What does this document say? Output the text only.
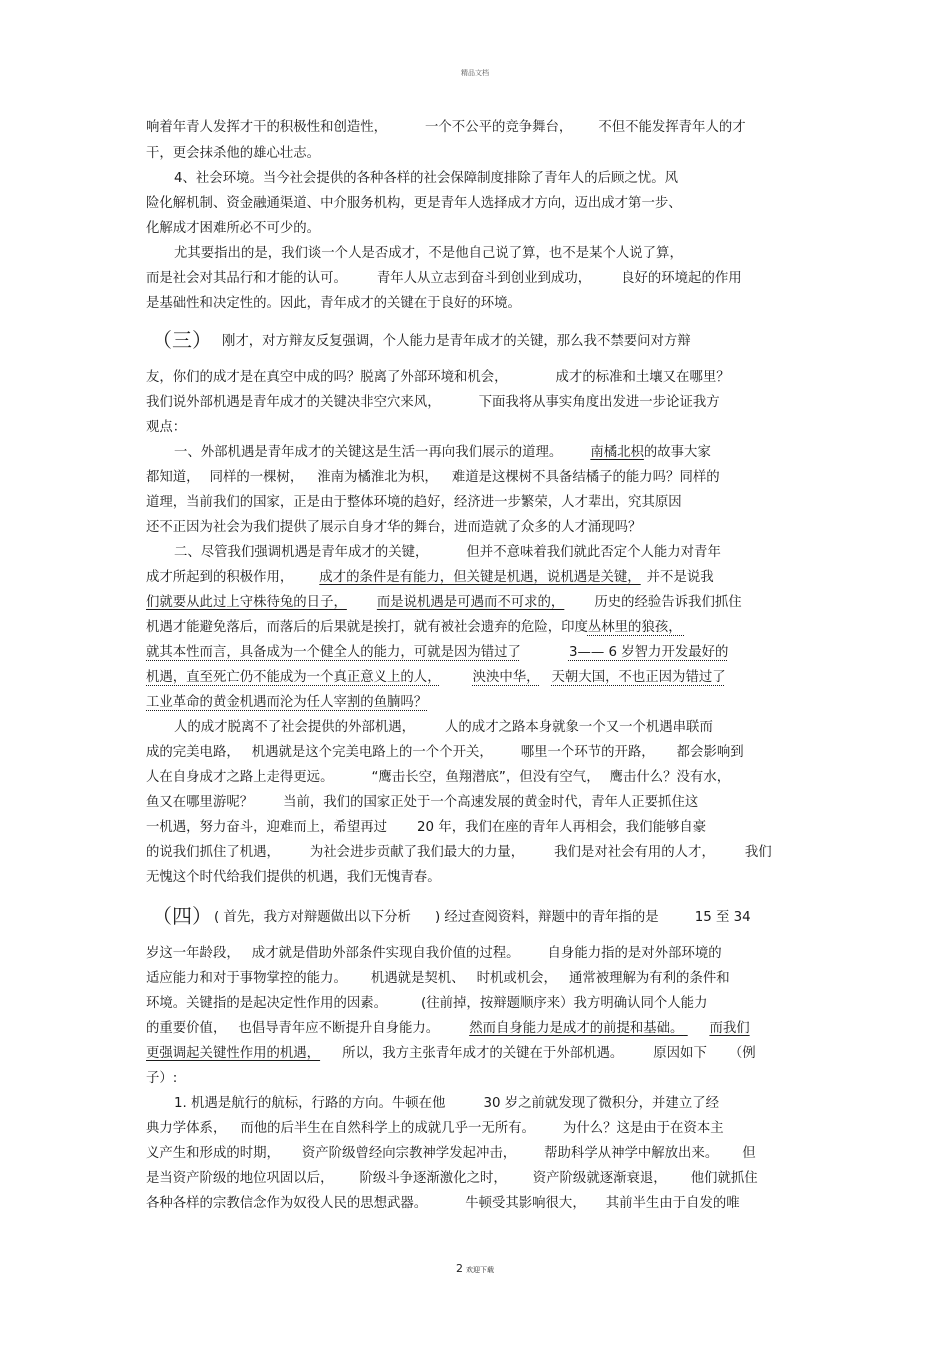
精品文档
响着年青人发挥才干的积极性和创造性，	一个不公平的竞争舞台， 不但不能发挥青年人的才
干，更会抹杀他的雄心壮志。
4、社会环境。当今社会提供的各种各样的社会保障制度排除了青年人的后顾之忧。风
险化解机制、资金融通渠道、中介服务机构，更是青年人选择成才方向，迈出成才第一步、
化解成才困难所必不可少的。
尤其要指出的是，我们谈一个人是否成才，不是他自己说了算，也不是某个人说了算，
而是社会对其品行和才能的认可。 青年人从立志到奋斗到创业到成功， 良好的环境起的作用
是基础性和决定性的。因此，青年成才的关键在于良好的环境。
（三） 刚才，对方辩友反复强调，个人能力是青年成才的关键，那么我不禁要问对方辩
友，你们的成才是在真空中成的吗？脱离了外部环境和机会，	成才的标准和土壤又在哪里？
我们说外部机遇是青年成才的关键决非空穴来风，	下面我将从事实角度出发进一步论证我方
观点：
一、外部机遇是青年成才的关键这是生活一再向我们展示的道理。 南橘北枳的故事大家
都知道， 同样的一棵树， 淮南为橘淮北为枳， 难道是这棵树不具备结橘子的能力吗？同样的
道理，当前我们的国家，正是由于整体环境的趋好，经济进一步繁荣，人才辈出，究其原因
还不正因为社会为我们提供了展示自身才华的舞台，进而造就了众多的人才涌现吗？
二、尽管我们强调机遇是青年成才的关键，	但并不意味着我们就此否定个人能力对青年
成才所起到的积极作用， 成才的条件是有能力，但关键是机遇，说机遇是关键， 并不是说我
们就要从此过上守株待兔的日子， 而是说机遇是可遇而不可求的， 历史的经验告诉我们抓住
机遇才能避免落后，而落后的后果就是挨打，就有被社会遗弃的危险，印度丛林里的狼孩，
就其本性而言，具备成为一个健全人的能力，可就是因为错过了	3—— 6 岁智力开发最好的
机遇，直至死亡仍不能成为一个真正意义上的人， 泱泱中华， 天朝大国，不也正因为错过了
工业革命的黄金机遇而沦为任人宰割的鱼腩吗？
人的成才脱离不了社会提供的外部机遇， 人的成才之路本身就象一个又一个机遇串联而
成的完美电路， 机遇就是这个完美电路上的一个个开关， 哪里一个环节的开路， 都会影响到
人在自身成才之路上走得更远。	“鹰击长空，鱼翔潜底”，但没有空气， 鹰击什么？没有水，
鱼又在哪里游呢？ 当前，我们的国家正处于一个高速发展的黄金时代，青年人正要抓住这
一机遇，努力奋斗，迎难而上，希望再过 20 年，我们在座的青年人再相会，我们能够自豪
的说我们抓住了机遇， 为社会进步贡献了我们最大的力量， 我们是对社会有用的人才， 我们
无愧这个时代给我们提供的机遇，我们无愧青春。
（四） ( 首先，我方对辩题做出以下分析 ) 经过查阅资料，辩题中的青年指的是	15 至 34
岁这一年龄段， 成才就是借助外部条件实现自我价值的过程。 自身能力指的是对外部环境的
适应能力和对于事物掌控的能力。 机遇就是契机、 时机或机会， 通常被理解为有利的条件和
环境。关键指的是起决定性作用的因素。	(往前掉，按辩题顺序来）我方明确认同个人能力
的重要价值， 也倡导青年应不断提升自身能力。 然而自身能力是成才的前提和基础。 而我们
更强调起关键性作用的机遇， 所以，我方主张青年成才的关键在于外部机遇。 原因如下 （例
子）:
1. 机遇是航行的航标，行路的方向。牛顿在他	30 岁之前就发现了微积分，并建立了经
典力学体系， 而他的后半生在自然科学上的成就几乎一无所有。 为什么？这是由于在资本主
义产生和形成的时期， 资产阶级曾经向宗教神学发起冲击， 帮助科学从神学中解放出来。 但
是当资产阶级的地位巩固以后， 阶级斗争逐渐激化之时， 资产阶级就逐渐衰退， 他们就抓住
各种各样的宗教信念作为奴役人民的思想武器。	牛顿受其影响很大， 其前半生由于自发的唯
2 欢迎下载
